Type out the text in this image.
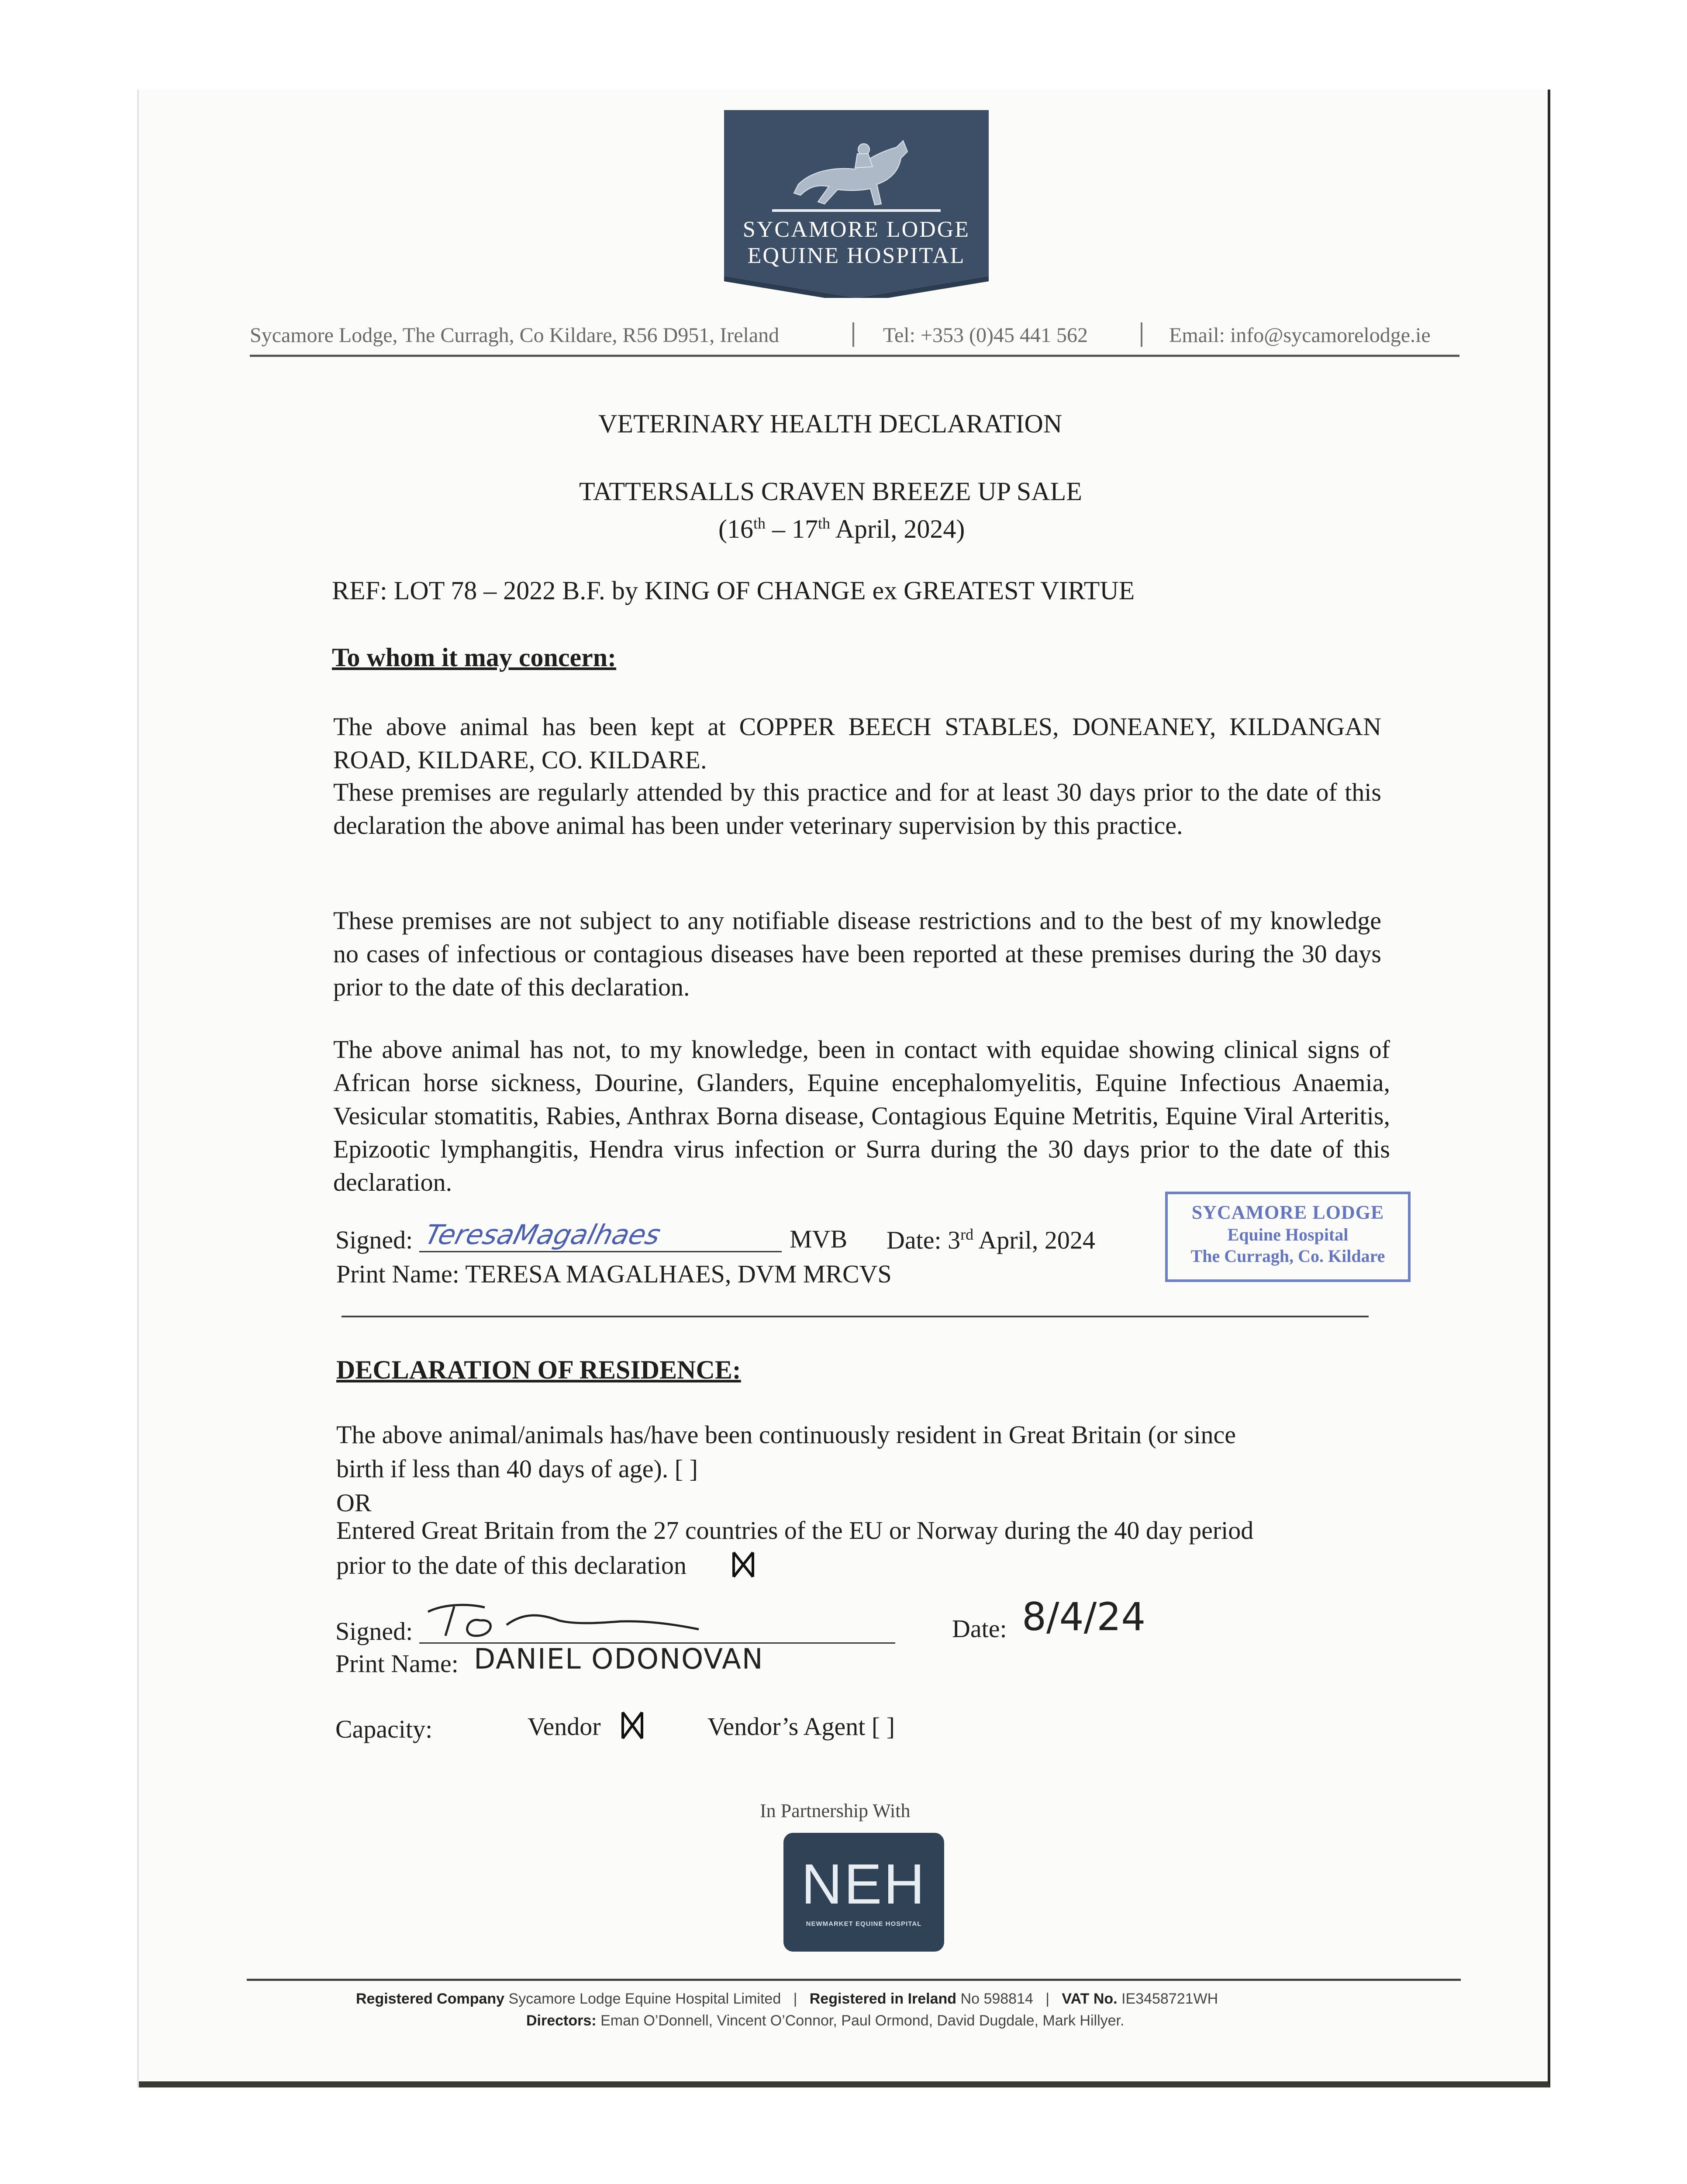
SYCAMORE LODGE
EQUINE HOSPITAL
Sycamore Lodge, The Curragh, Co Kildare, R56 D951, Ireland	Tel: +353 (0)45 441 562	Email: info@sycamorelodge.ie
VETERINARY HEALTH DECLARATION
TATTERSALLS CRAVEN BREEZE UP SALE
(16th – 17th April, 2024)
REF: LOT 78 – 2022 B.F. by KING OF CHANGE ex GREATEST VIRTUE
To whom it may concern:
The above animal has been kept at COPPER BEECH STABLES, DONEANEY, KILDANGAN ROAD, KILDARE, CO. KILDARE.
These premises are regularly attended by this practice and for at least 30 days prior to the date of this declaration the above animal has been under veterinary supervision by this practice.
These premises are not subject to any notifiable disease restrictions and to the best of my knowledge no cases of infectious or contagious diseases have been reported at these premises during the 30 days prior to the date of this declaration.
The above animal has not, to my knowledge, been in contact with equidae showing clinical signs of African horse sickness, Dourine, Glanders, Equine encephalomyelitis, Equine Infectious Anaemia, Vesicular stomatitis, Rabies, Anthrax Borna disease, Contagious Equine Metritis, Equine Viral Arteritis, Epizootic lymphangitis, Hendra virus infection or Surra during the 30 days prior to the date of this declaration.
Signed: TeresaMagalhaes	MVB Date: 3rd April, 2024
Print Name: TERESA MAGALHAES, DVM MRCVS
SYCAMORE LODGE
Equine Hospital
The Curragh, Co. Kildare
DECLARATION OF RESIDENCE:
The above animal/animals has/have been continuously resident in Great Britain (or since
birth if less than 40 days of age). [ ]
OR
Entered Great Britain from the 27 countries of the EU or Norway during the 40 day period
prior to the date of this declaration
Signed:	Date: 8/4/24
Print Name: DANIEL ODONOVAN
Capacity:	Vendor	Vendor’s Agent [ ]
In Partnership With
NEH
NEWMARKET EQUINE HOSPITAL
Registered Company Sycamore Lodge Equine Hospital Limited   |   Registered in Ireland No 598814   |   VAT No. IE3458721WH
Directors: Eman O’Donnell, Vincent O’Connor, Paul Ormond, David Dugdale, Mark Hillyer.
